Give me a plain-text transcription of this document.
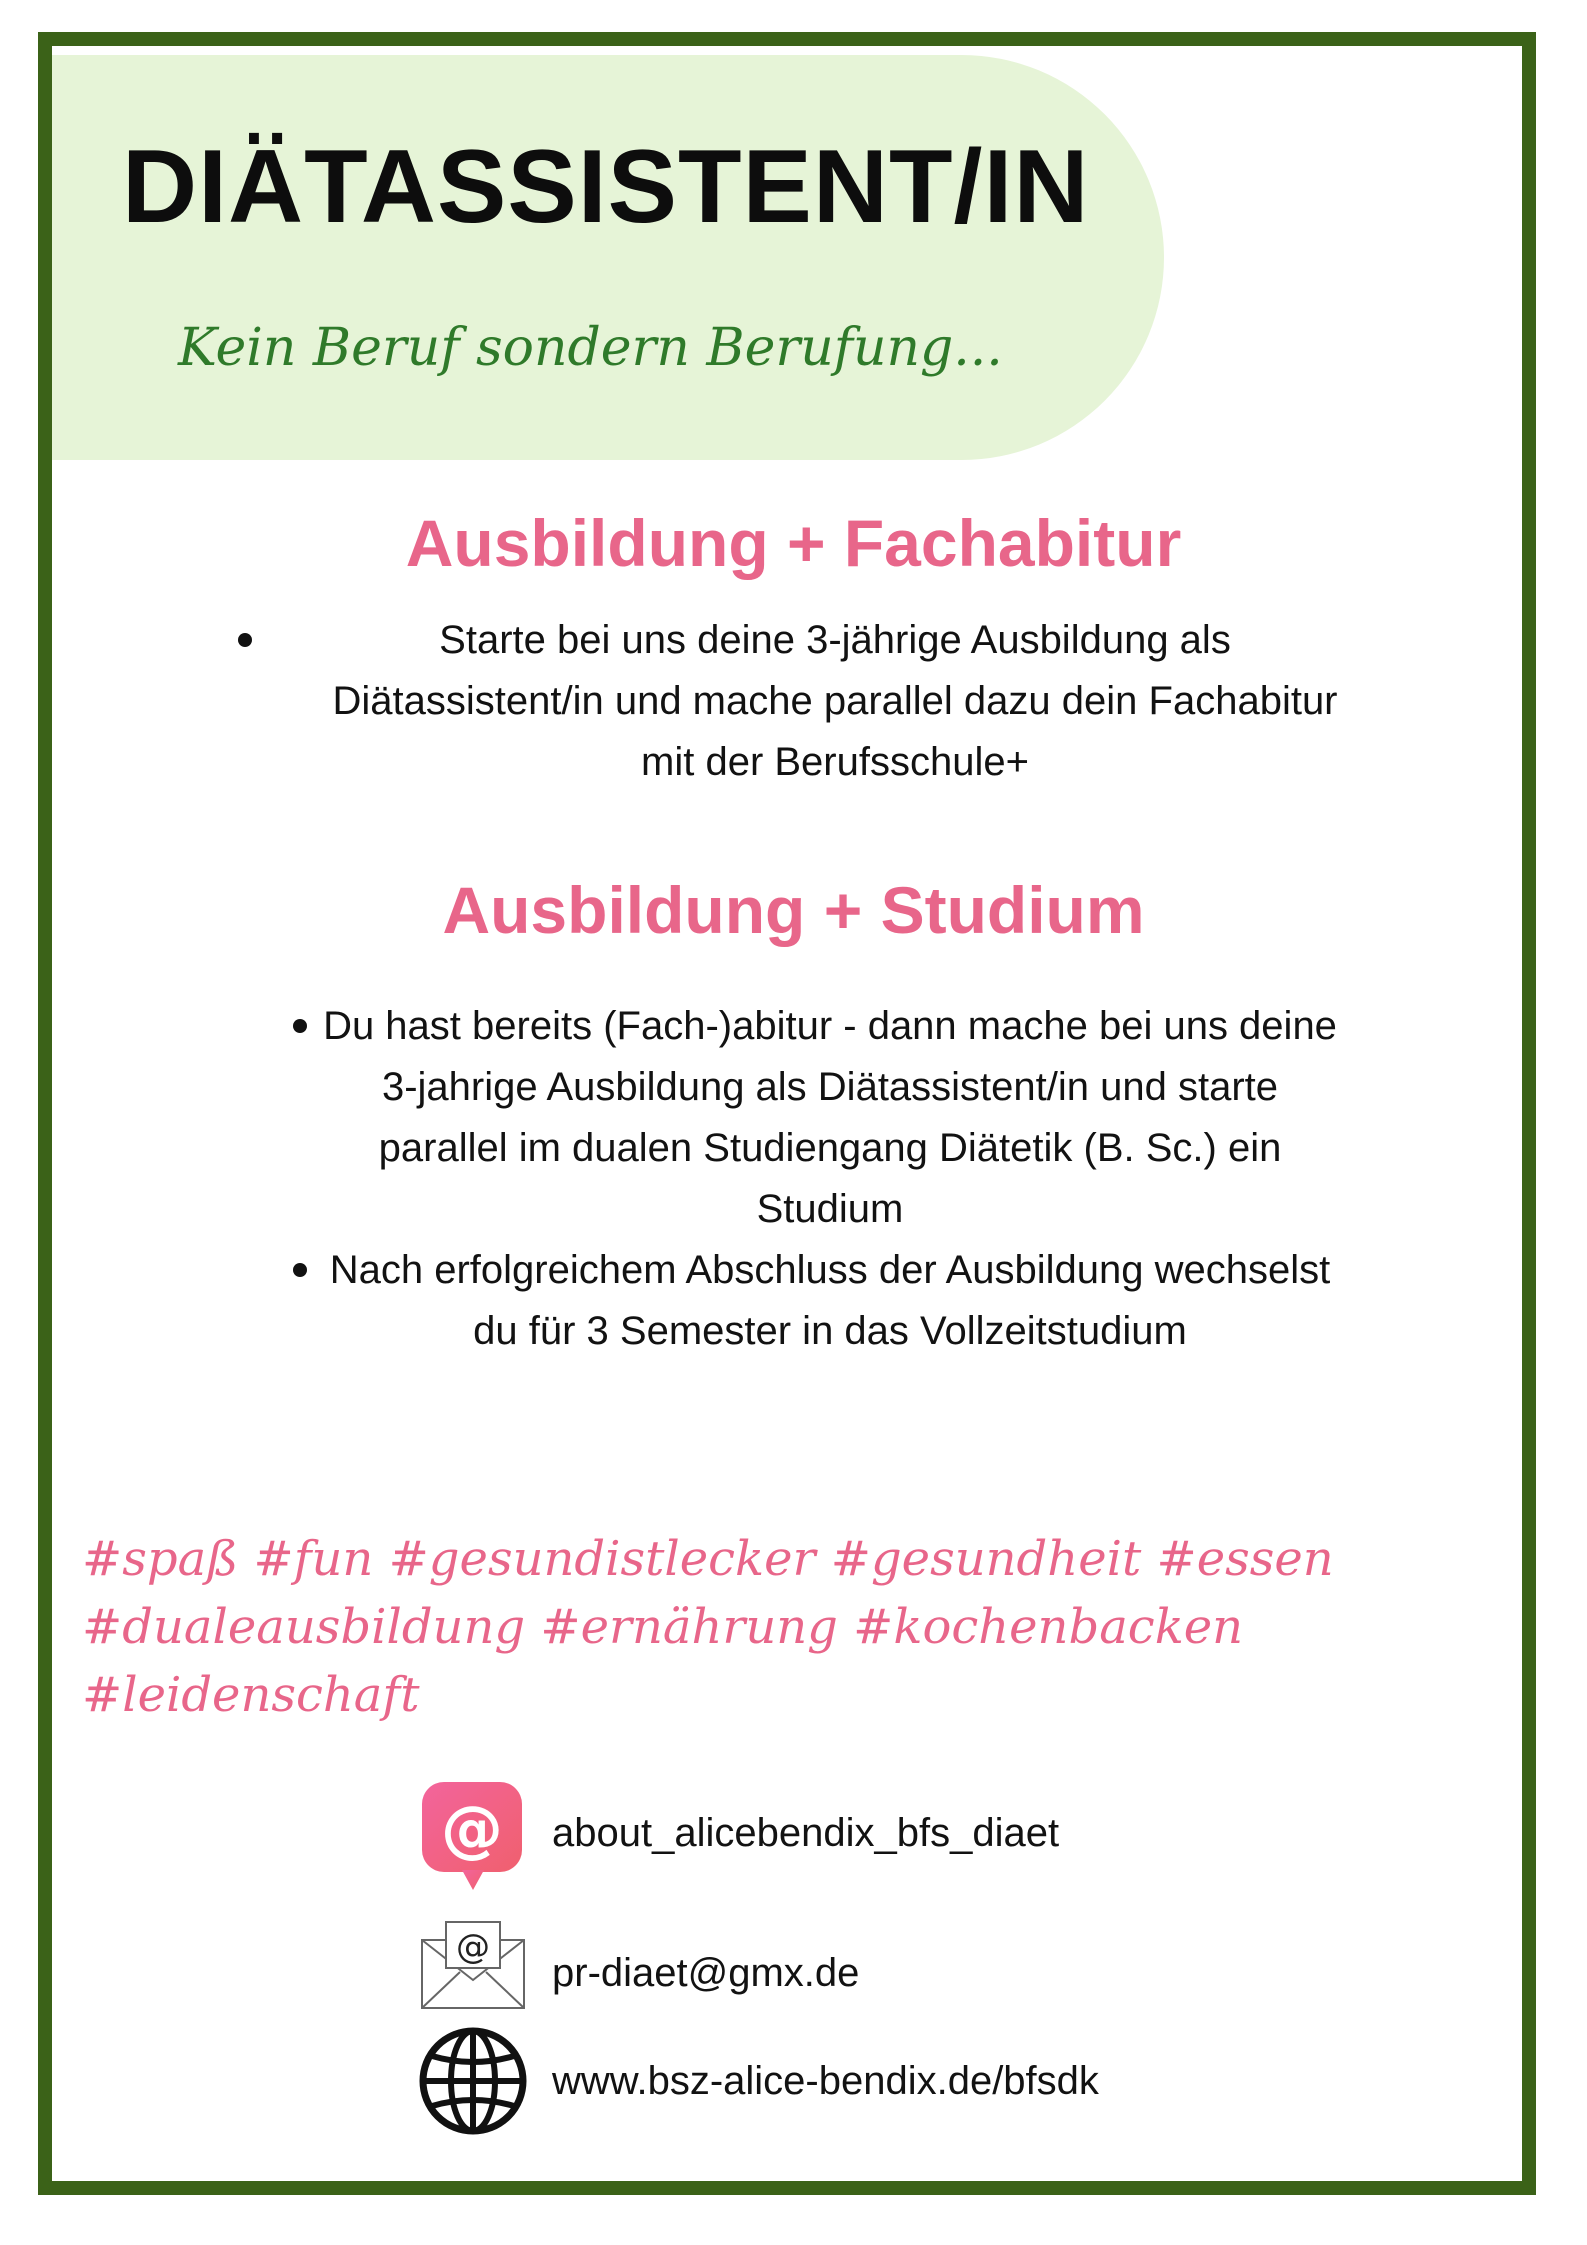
DIÄTASSISTENT/IN

Kein Beruf sondern Berufung...

Ausbildung + Fachabitur

Starte bei uns deine 3-jährige Ausbildung als Diätassistent/in und mache parallel dazu dein Fachabitur mit der Berufsschule+

Ausbildung + Studium

Du hast bereits (Fach-)abitur - dann mache bei uns deine 3-jahrige Ausbildung als Diätassistent/in und starte parallel im dualen Studiengang Diätetik (B. Sc.) ein Studium

Nach erfolgreichem Abschluss der Ausbildung wechselst du für 3 Semester in das Vollzeitstudium

#spaß #fun #gesundistlecker #gesundheit #essen
#dualeausbildung #ernährung #kochenbacken #leidenschaft
@ about_alicebendix_bfs_diaet
@
pr-diaet@gmx.de
www.bsz-alice-bendix.de/bfsdk
